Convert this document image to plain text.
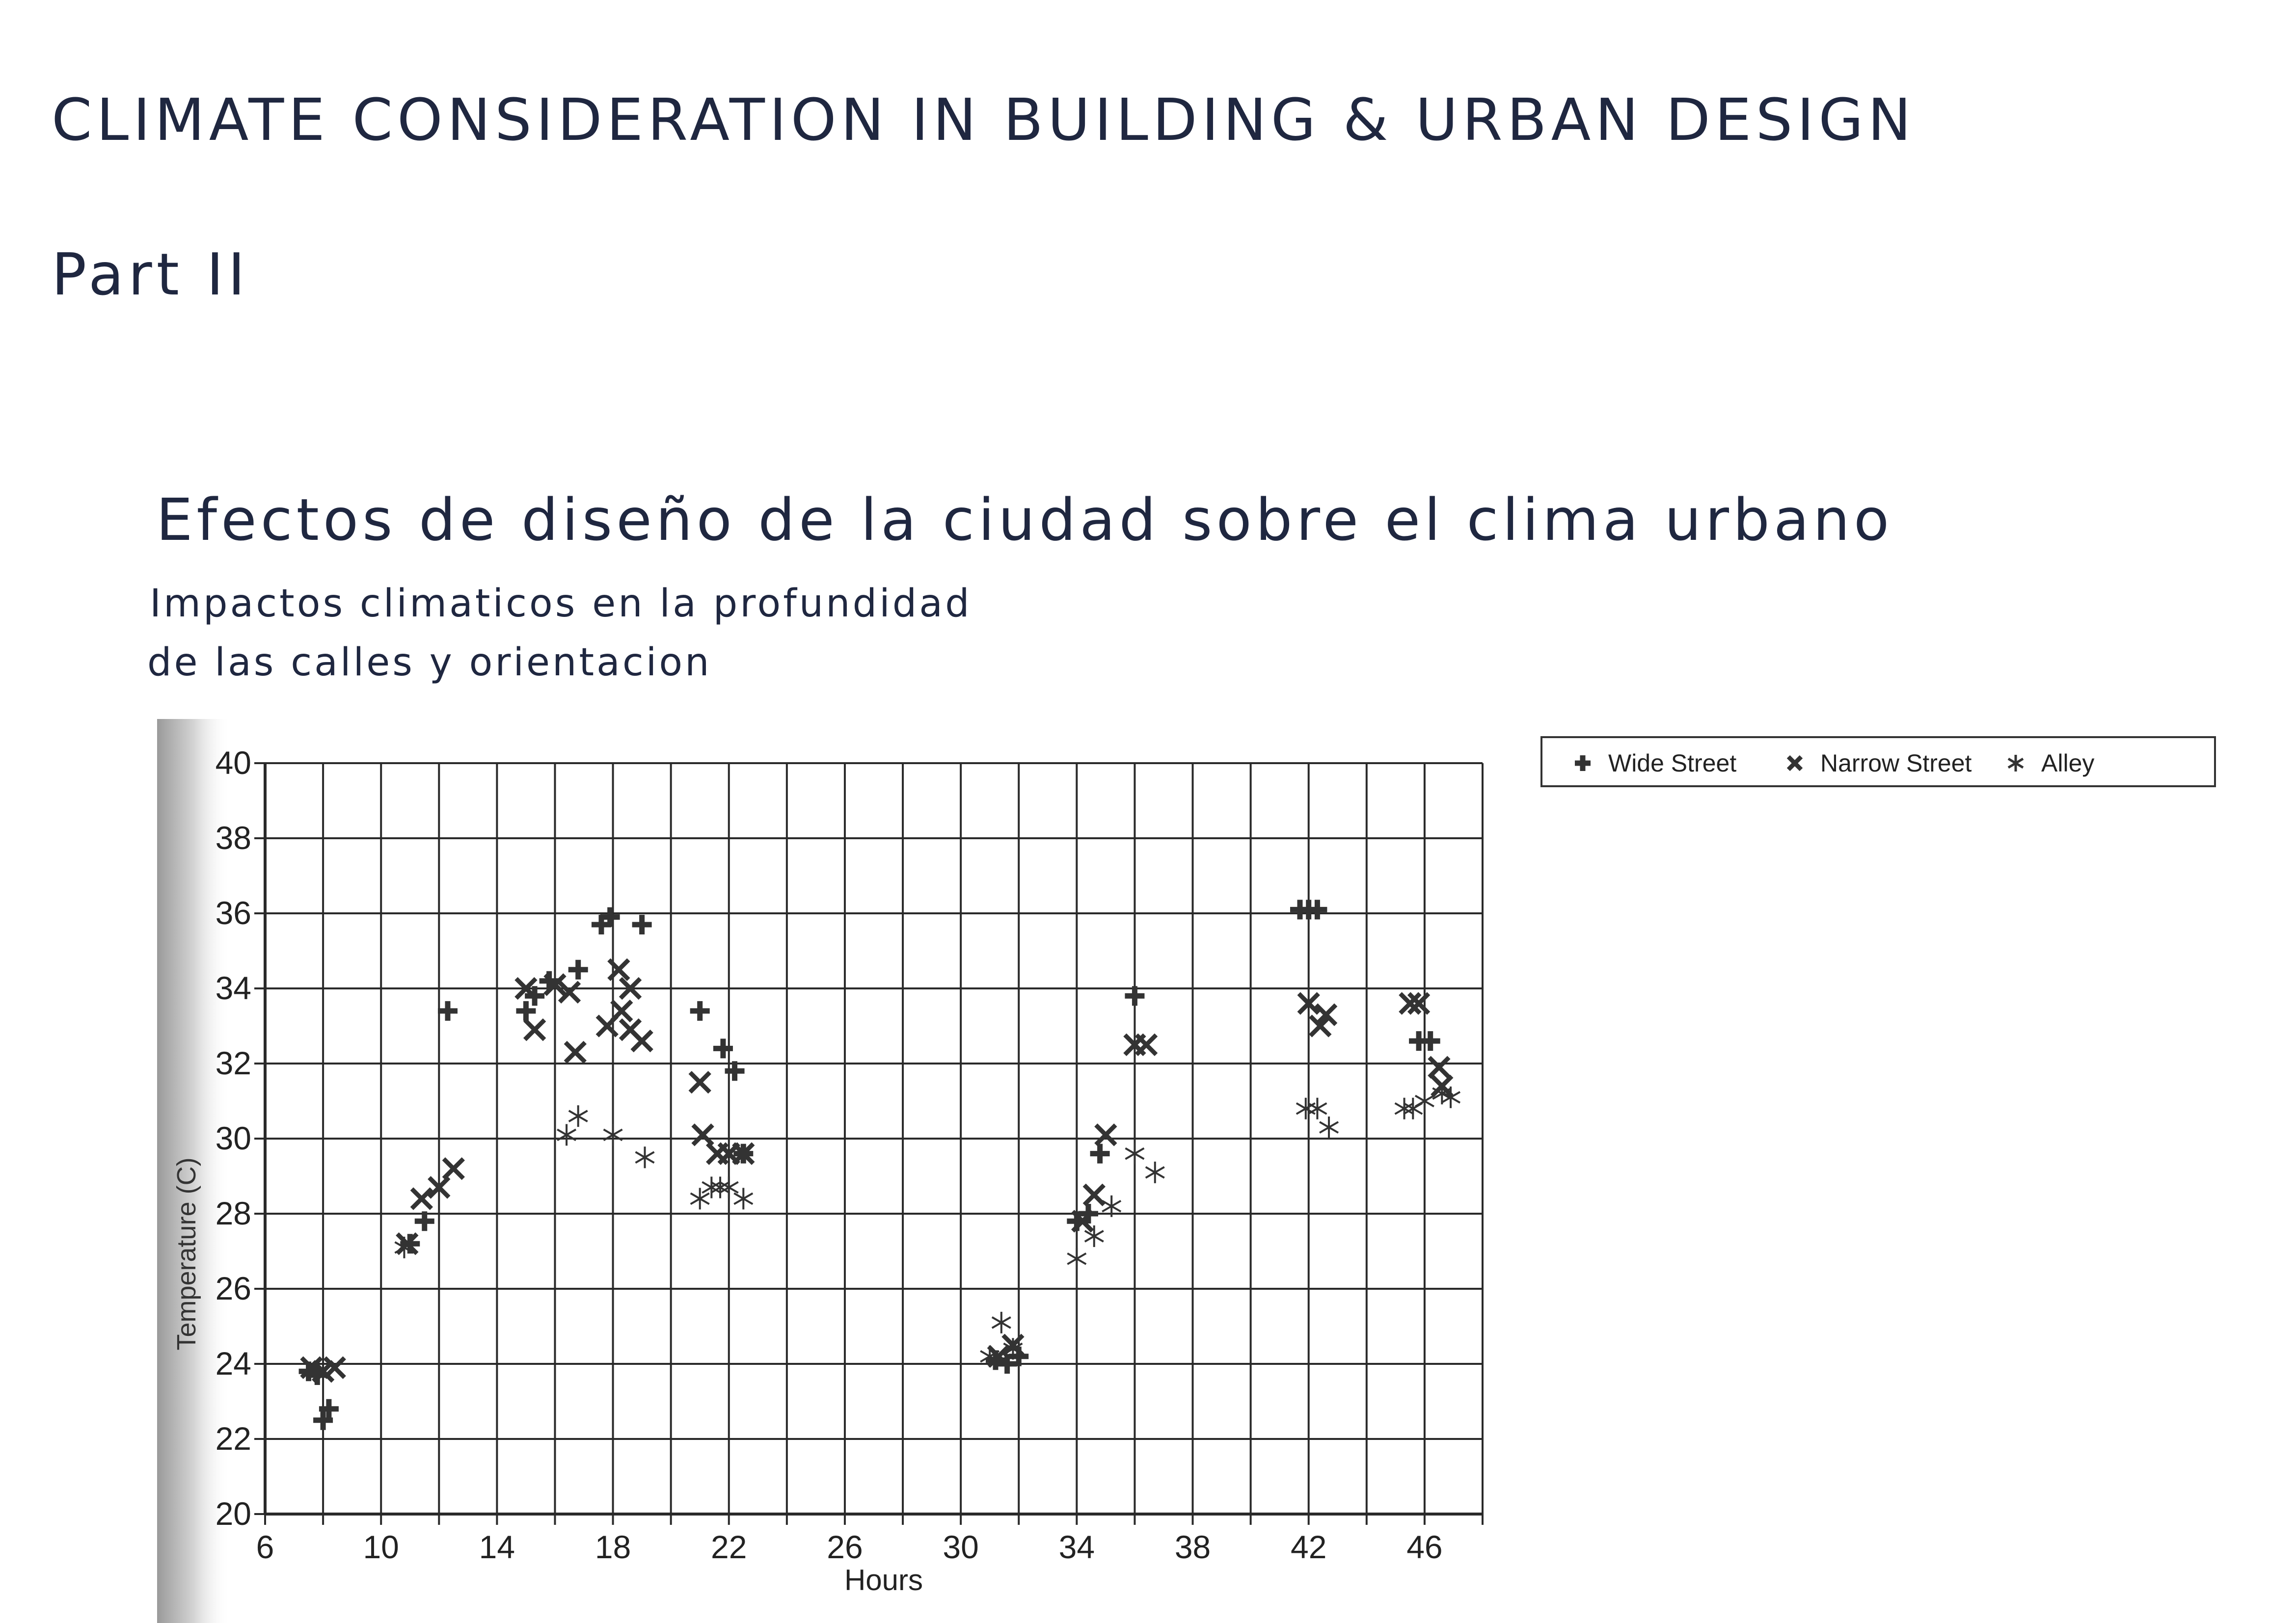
CLIMATE CONSIDERATION IN BUILDING & URBAN DESIGN
Part II
Efectos de diseño de la ciudad sobre el clima urbano
Impactos climaticos en la profundidad
de las calles y orientacion
20
22
24
26
28
30
32
34
36
38
40
6	10 14 18 22 26 30 34 38 42 46
Hours
Temperature (C)
Wide Street	Narrow Street	Alley
